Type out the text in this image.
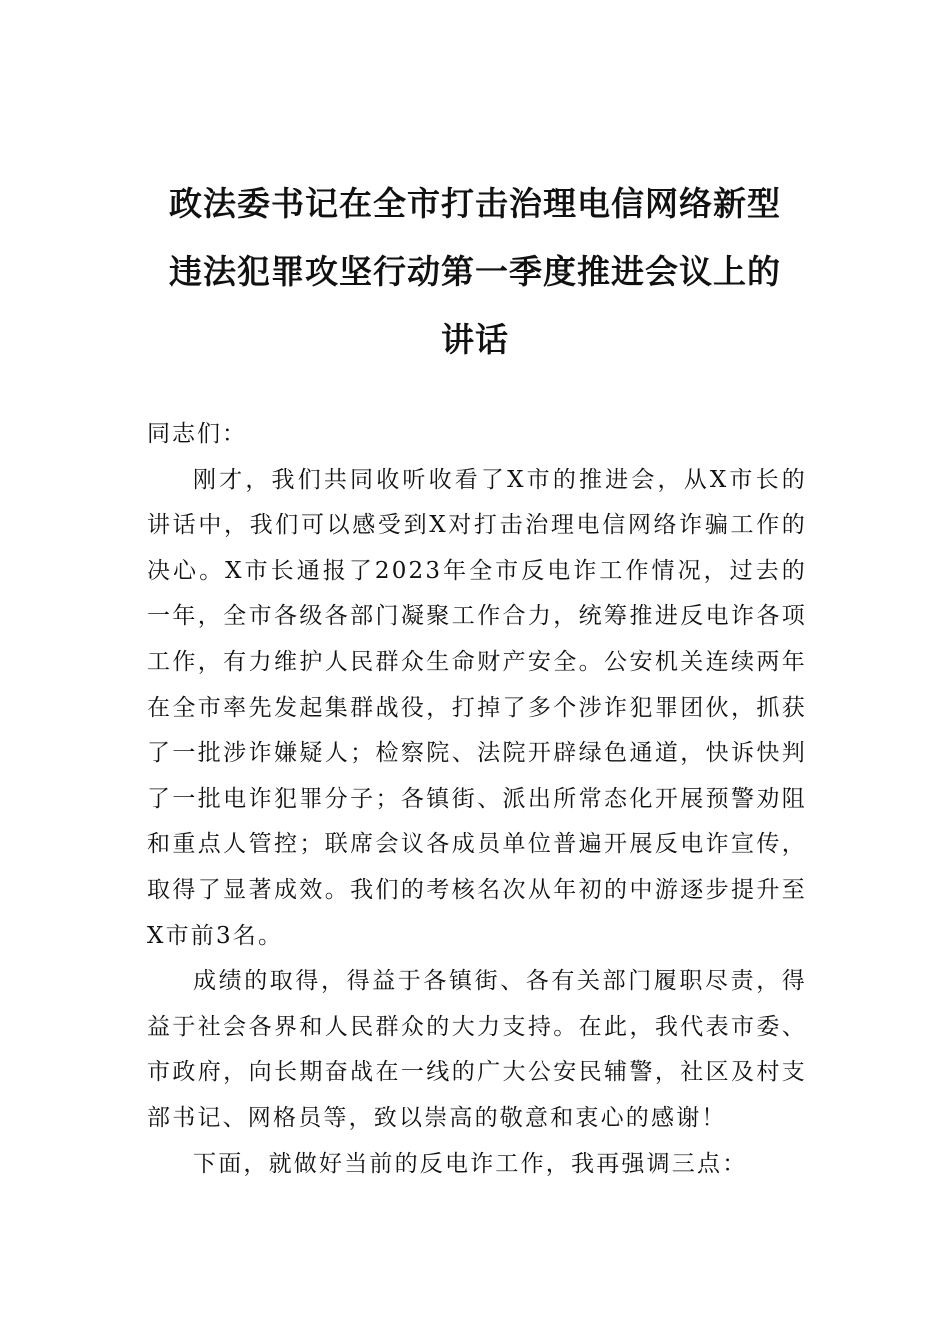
政法委书记在全市打击治理电信网络新型
违法犯罪攻坚行动第一季度推进会议上的
讲话

同志们：

刚才，我们共同收听收看了X市的推进会，从X市长的讲话中，我们可以感受到X对打击治理电信网络诈骗工作的决心。X市长通报了2023年全市反电诈工作情况，过去的一年，全市各级各部门凝聚工作合力，统筹推进反电诈各项工作，有力维护人民群众生命财产安全。公安机关连续两年在全市率先发起集群战役，打掉了多个涉诈犯罪团伙，抓获了一批涉诈嫌疑人；检察院、法院开辟绿色通道，快诉快判了一批电诈犯罪分子；各镇街、派出所常态化开展预警劝阻和重点人管控；联席会议各成员单位普遍开展反电诈宣传，取得了显著成效。我们的考核名次从年初的中游逐步提升至X市前3名。

成绩的取得，得益于各镇街、各有关部门履职尽责，得益于社会各界和人民群众的大力支持。在此，我代表市委、市政府，向长期奋战在一线的广大公安民辅警，社区及村支部书记、网格员等，致以崇高的敬意和衷心的感谢！

下面，就做好当前的反电诈工作，我再强调三点：
